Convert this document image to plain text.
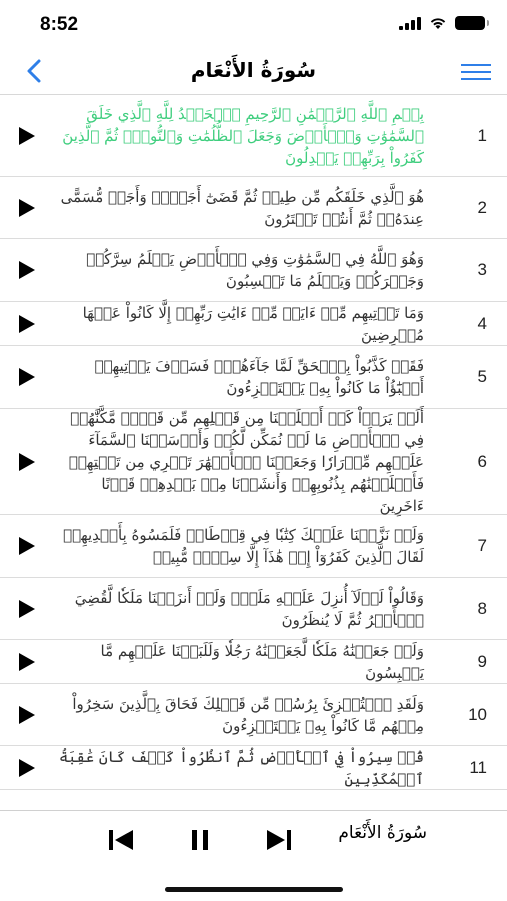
8:52
سُورَةُ الأَنْعَام
بِسۡمِ ٱللَّهِ ٱلرَّحۡمَٰنِ ٱلرَّحِيمِ ٱلۡحَمۡدُ لِلَّهِ ٱلَّذِي خَلَقَ ٱلسَّمَٰوَٰتِ وَٱلۡأَرۡضَ وَجَعَلَ ٱلظُّلُمَٰتِ وَٱلنُّورَۖ ثُمَّ ٱلَّذِينَ كَفَرُواْ بِرَبِّهِمۡ يَعۡدِلُونَ
1
هُوَ ٱلَّذِي خَلَقَكُم مِّن طِينٖ ثُمَّ قَضَىٰٓ أَجَلٗاۖ وَأَجَلٞ مُّسَمًّى عِندَهُۥۖ ثُمَّ أَنتُمۡ تَمۡتَرُونَ
2
وَهُوَ ٱللَّهُ فِي ٱلسَّمَٰوَٰتِ وَفِي ٱلۡأَرۡضِ يَعۡلَمُ سِرَّكُمۡ وَجَهۡرَكُمۡ وَيَعۡلَمُ مَا تَكۡسِبُونَ
3
وَمَا تَأۡتِيهِم مِّنۡ ءَايَةٖ مِّنۡ ءَايَٰتِ رَبِّهِمۡ إِلَّا كَانُواْ عَنۡهَا مُعۡرِضِينَ
4
فَقَدۡ كَذَّبُواْ بِٱلۡحَقِّ لَمَّا جَآءَهُمۡۖ فَسَوۡفَ يَأۡتِيهِمۡ أَنۢبَٰٓؤُاْ مَا كَانُواْ بِهِۦ يَسۡتَهۡزِءُونَ
5
أَلَمۡ يَرَوۡاْ كَمۡ أَهۡلَكۡنَا مِن قَبۡلِهِم مِّن قَرۡنٖ مَّكَّنَّٰهُمۡ فِي ٱلۡأَرۡضِ مَا لَمۡ نُمَكِّن لَّكُمۡ وَأَرۡسَلۡنَا ٱلسَّمَآءَ عَلَيۡهِم مِّدۡرَارٗا وَجَعَلۡنَا ٱلۡأَنۡهَٰرَ تَجۡرِي مِن تَحۡتِهِمۡ فَأَهۡلَكۡنَٰهُم بِذُنُوبِهِمۡ وَأَنشَأۡنَا مِنۢ بَعۡدِهِمۡ قَرۡنًا ءَاخَرِينَ
6
وَلَوۡ نَزَّلۡنَا عَلَيۡكَ كِتَٰبٗا فِي قِرۡطَاسٖ فَلَمَسُوهُ بِأَيۡدِيهِمۡ لَقَالَ ٱلَّذِينَ كَفَرُوٓاْ إِنۡ هَٰذَآ إِلَّا سِحۡرٞ مُّبِينٞ
7
وَقَالُواْ لَوۡلَآ أُنزِلَ عَلَيۡهِ مَلَكٞۖ وَلَوۡ أَنزَلۡنَا مَلَكٗا لَّقُضِيَ ٱلۡأَمۡرُ ثُمَّ لَا يُنظَرُونَ
8
وَلَوۡ جَعَلۡنَٰهُ مَلَكٗا لَّجَعَلۡنَٰهُ رَجُلٗا وَلَلَبَسۡنَا عَلَيۡهِم مَّا يَلۡبِسُونَ
9
وَلَقَدِ ٱسۡتُهۡزِئَ بِرُسُلٖ مِّن قَبۡلِكَ فَحَاقَ بِٱلَّذِينَ سَخِرُواْ مِنۡهُم مَّا كَانُواْ بِهِۦ يَسۡتَهۡزِءُونَ
10
قُلۡ سِيرُواْ فِي ٱلۡأَرۡضِ ثُمَّ ٱنظُرُواْ كَيۡفَ كَانَ عَٰقِبَةُ ٱلۡمُكَذِّبِينَ
11
سُورَةُ الأَنْعَام
